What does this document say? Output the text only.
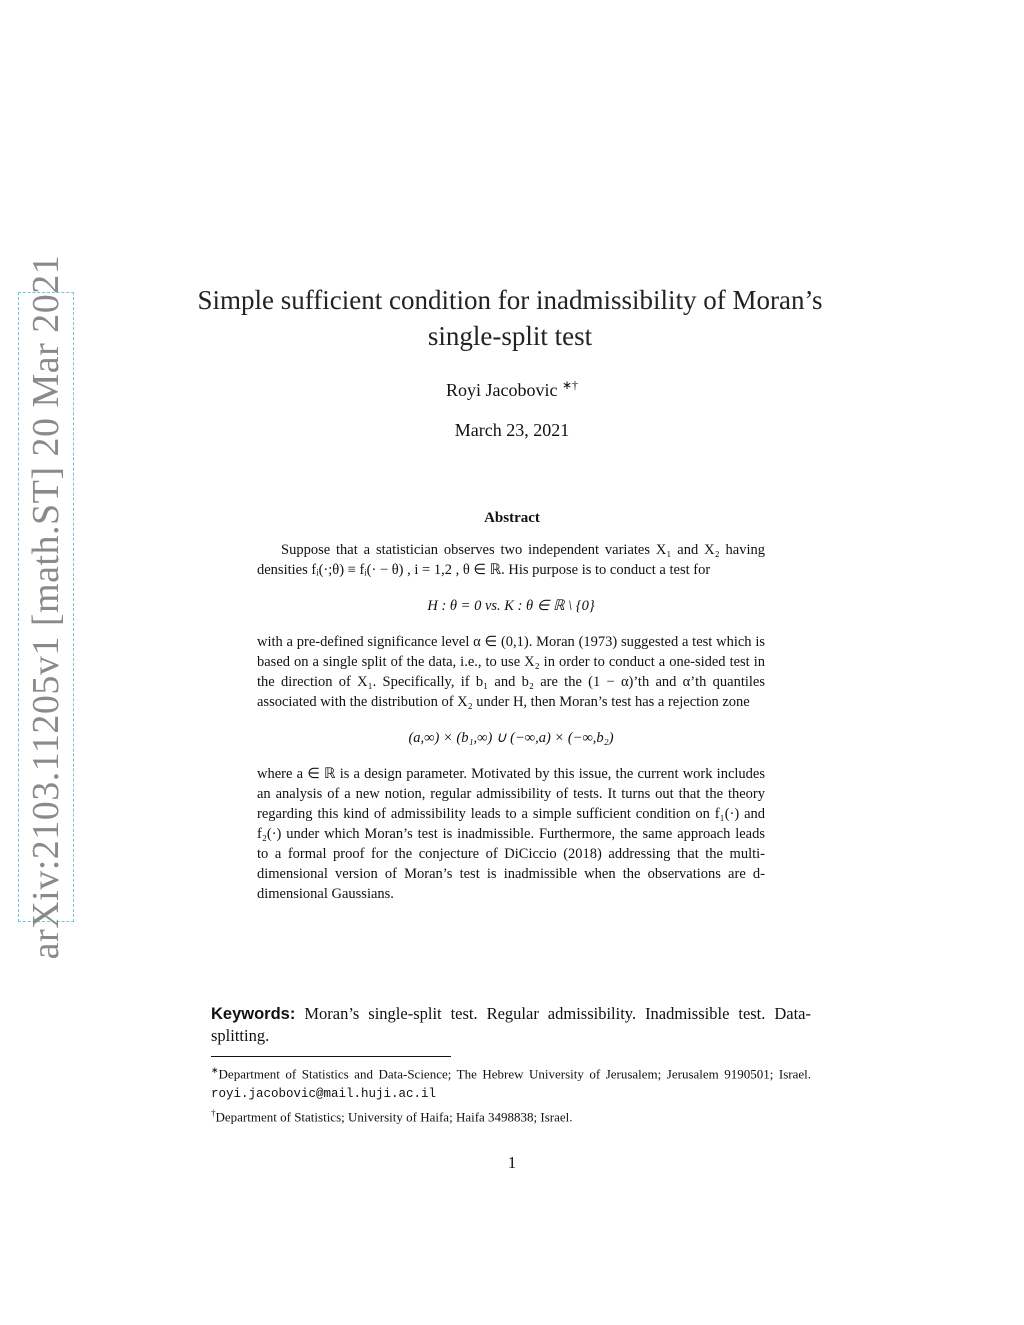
arXiv:2103.11205v1 [math.ST] 20 Mar 2021	Simple sufficient condition for inadmissibility of Moran’s single-split test
Royi Jacobovic ∗†
March 23, 2021
Abstract

Suppose that a statistician observes two independent variates X₁ and X₂ having densities fᵢ(·;θ) ≡ fᵢ(· − θ) , i = 1,2 , θ ∈ ℝ. His purpose is to conduct a test for

H : θ = 0 vs. K : θ ∈ ℝ \ {0}

with a pre-defined significance level α ∈ (0,1). Moran (1973) suggested a test which is based on a single split of the data, i.e., to use X₂ in order to conduct a one-sided test in the direction of X₁. Specifically, if b₁ and b₂ are the (1 − α)’th and α’th quantiles associated with the distribution of X₂ under H, then Moran’s test has a rejection zone

(a,∞) × (b₁,∞) ∪ (−∞,a) × (−∞,b₂)

where a ∈ ℝ is a design parameter. Motivated by this issue, the current work includes an analysis of a new notion, regular admissibility of tests. It turns out that the theory regarding this kind of admissibility leads to a simple sufficient condition on f₁(·) and f₂(·) under which Moran’s test is inadmissible. Furthermore, the same approach leads to a formal proof for the conjecture of DiCiccio (2018) addressing that the multi-dimensional version of Moran’s test is inadmissible when the observations are d-dimensional Gaussians.

Keywords: Moran’s single-split test. Regular admissibility. Inadmissible test. Data-splitting.

∗Department of Statistics and Data-Science; The Hebrew University of Jerusalem; Jerusalem 9190501; Israel. royi.jacobovic@mail.huji.ac.il

†Department of Statistics; University of Haifa; Haifa 3498838; Israel.

1
